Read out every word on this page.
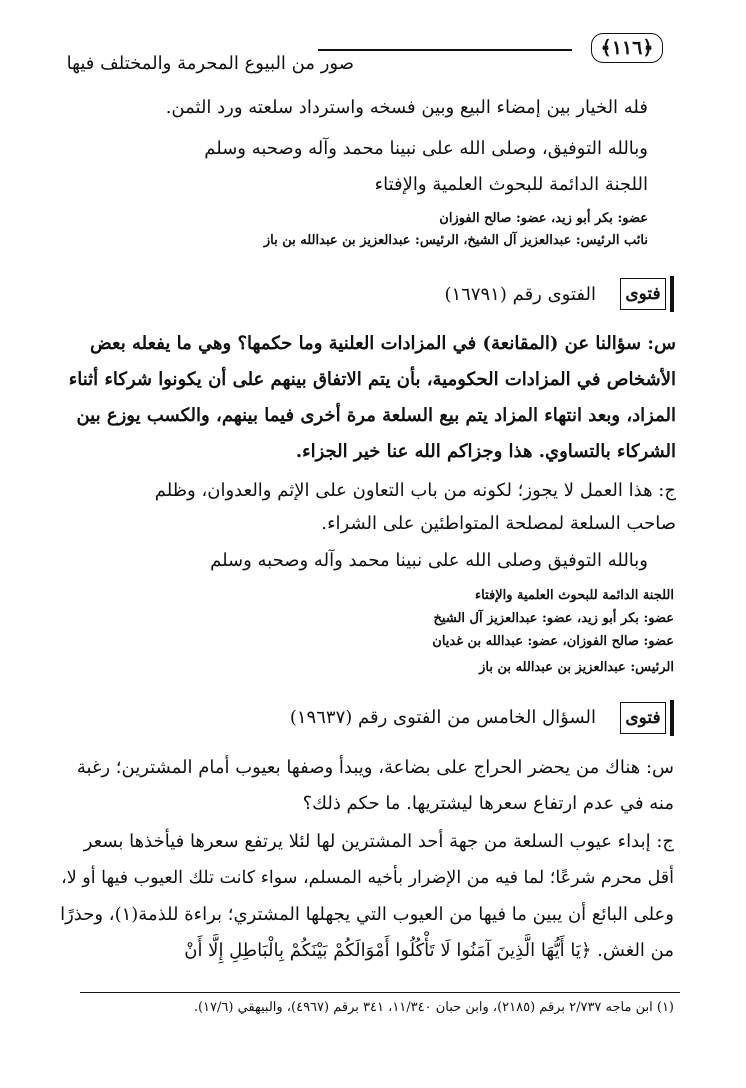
﴿١١٦﴾
صور من البيوع المحرمة والمختلف فيها
فله الخيار بين إمضاء البيع وبين فسخه واسترداد سلعته ورد الثمن.
وبالله التوفيق، وصلى الله على نبينا محمد وآله وصحبه وسلم
اللجنة الدائمة للبحوث العلمية والإفتاء
عضو: بكر أبو زيد، عضو: صالح الفوزان
نائب الرئيس: عبدالعزيز آل الشيخ، الرئيس: عبدالعزيز بن عبدالله بن باز
فتوى
الفتوى رقم (١٦٧٩١)
س: سؤالنا عن (المقانعة) في المزادات العلنية وما حكمها؟ وهي ما يفعله بعض
الأشخاص في المزادات الحكومية، بأن يتم الاتفاق بينهم على أن يكونوا شركاء أثناء
المزاد، وبعد انتهاء المزاد يتم بيع السلعة مرة أخرى فيما بينهم، والكسب يوزع بين
الشركاء بالتساوي. هذا وجزاكم الله عنا خير الجزاء.
ج: هذا العمل لا يجوز؛ لكونه من باب التعاون على الإثم والعدوان، وظلم
صاحب السلعة لمصلحة المتواطئين على الشراء.
وبالله التوفيق وصلى الله على نبينا محمد وآله وصحبه وسلم
اللجنة الدائمة للبحوث العلمية والإفتاء
عضو: بكر أبو زيد، عضو: عبدالعزيز آل الشيخ
عضو: صالح الفوزان، عضو: عبدالله بن غديان
الرئيس: عبدالعزيز بن عبدالله بن باز
فتوى
السؤال الخامس من الفتوى رقم (١٩٦٣٧)
س: هناك من يحضر الحراج على بضاعة، ويبدأ وصفها بعيوب أمام المشترين؛ رغبة
منه في عدم ارتفاع سعرها ليشتريها. ما حكم ذلك؟
ج: إبداء عيوب السلعة من جهة أحد المشترين لها لئلا يرتفع سعرها فيأخذها بسعر
أقل محرم شرعًا؛ لما فيه من الإضرار بأخيه المسلم، سواء كانت تلك العيوب فيها أو لا،
وعلى البائع أن يبين ما فيها من العيوب التي يجهلها المشتري؛ براءة للذمة(١)، وحذرًا
من الغش. ﴿يَا أَيُّهَا الَّذِينَ آمَنُوا لَا تَأْكُلُوا أَمْوَالَكُمْ بَيْنَكُمْ بِالْبَاطِلِ إِلَّا أَنْ
(١) ابن ماجه ٢/٧٣٧ برقم (٢١٨٥)، وابن حبان ١١/٣٤٠، ٣٤١ برقم (٤٩٦٧)، والبيهقي (١٧/٦).
